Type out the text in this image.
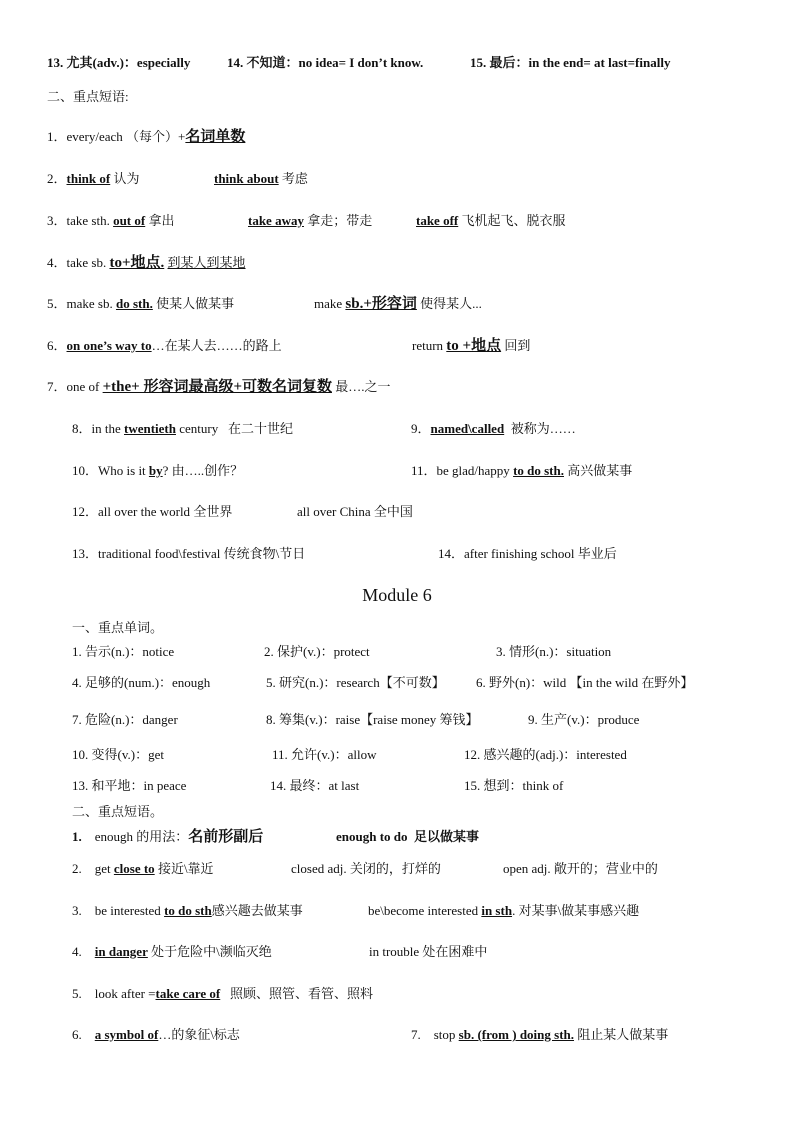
13. 尤其(adv.)：especially	14. 不知道：no idea= I don’t know.	15. 最后：in the end= at last=finally
二、重点短语:
1．every/each （每个）+名词单数
2．think of 认为	think about 考虑
3．take sth. out of 拿出	take away 拿走；带走	take off 飞机起飞、脱衣服
4．take sb. to+地点. 到某人到某地
5．make sb. do sth. 使某人做某事	make sb.+形容词 使得某人...
6．on one’s way to…在某人去……的路上	return to +地点 回到
7．one of +the+ 形容词最高级+可数名词复数 最….之一
8．in the twentieth century 在二十世纪	9．named\called 被称为……
10．Who is it by? 由…..创作？	11．be glad/happy to do sth. 高兴做某事
12．all over the world 全世界	all over China 全中国
13．traditional food\festival 传统食物\节日	14．after finishing school 毕业后
Module 6
一、重点单词。
1. 告示(n.)：notice	2. 保护(v.)：protect	3. 情形(n.)：situation
4. 足够的(num.)：enough	5. 研究(n.)：research【不可数】 6. 野外(n)：wild 【in the wild 在野外】
7. 危险(n.)：danger	8. 筹集(v.)：raise【raise money 筹钱】	9. 生产(v.)：produce
10. 变得(v.)：get	11. 允许(v.)：allow	12. 感兴趣的(adj.)：interested
13. 和平地：in peace	14. 最终：at last	15. 想到：think of
二、重点短语。
1. enough 的用法：名前形副后	enough to do 足以做某事
2. get close to 接近\靠近	closed adj. 关闭的，打烊的	open adj. 敞开的；营业中的
3. be interested to do sth感兴趣去做某事	be\become interested in sth. 对某事\做某事感兴趣
4. in danger 处于危险中\濒临灭绝	in trouble 处在困难中
5. look after =take care of 照顾、照管、看管、照料
6. a symbol of…的象征\标志	7. stop sb. (from ) doing sth. 阻止某人做某事
